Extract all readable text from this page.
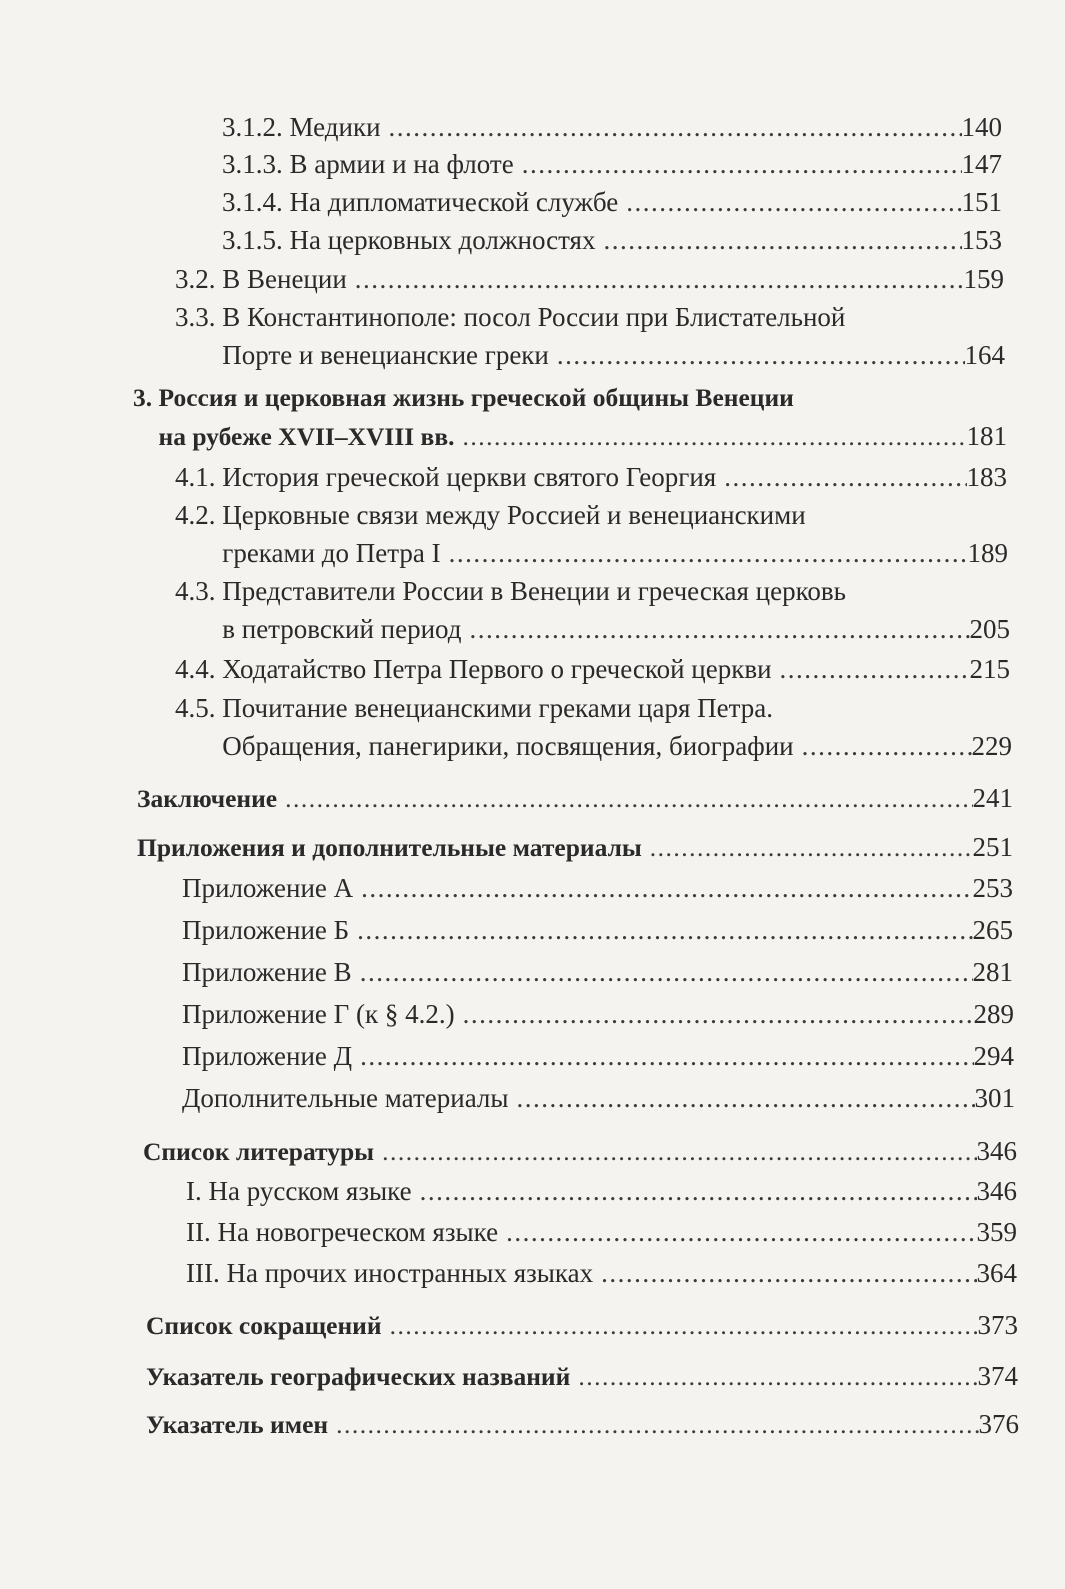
3.1.2. Медики .....	140
3.1.3. В армии и на флоте .....	147
3.1.4. На дипломатической службе .....	151
3.1.5. На церковных должностях .....	153
3.2. В Венеции .....	159
3.3. В Константинополе: посол России при Блистательной
Порте и венецианские греки .....	164
3. Россия и церковная жизнь греческой общины Венеции
на рубеже XVII–XVIII вв. .....	181
4.1. История греческой церкви святого Георгия .....	183
4.2. Церковные связи между Россией и венецианскими
греками до Петра I .....	189
4.3. Представители России в Венеции и греческая церковь
в петровский период .....	205
4.4. Ходатайство Петра Первого о греческой церкви .....	215
4.5. Почитание венецианскими греками царя Петра.
Обращения, панегирики, посвящения, биографии .....	229
Заключение .....	241
Приложения и дополнительные материалы .....	251
Приложение А .....	253
Приложение Б .....	265
Приложение В .....	281
Приложение Г (к § 4.2.) .....	289
Приложение Д .....	294
Дополнительные материалы .....	301
Список литературы .....	346
I. На русском языке .....	346
II. На новогреческом языке .....	359
III. На прочих иностранных языках .....	364
Список сокращений .....	373
Указатель географических названий .....	374
Указатель имен .....	376
